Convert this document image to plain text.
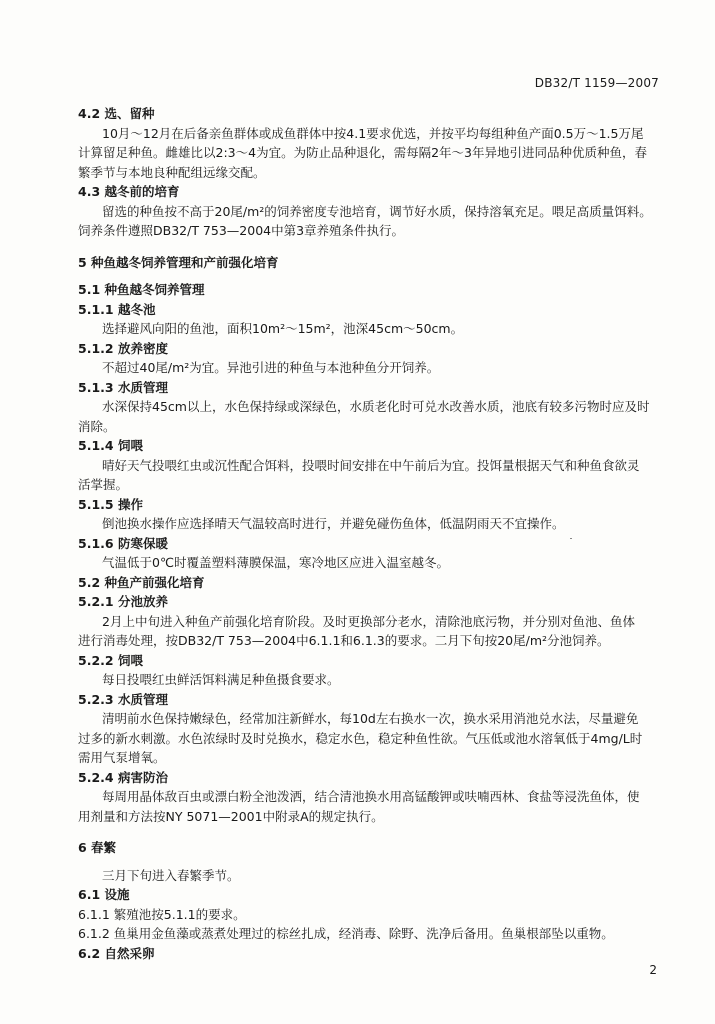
DB32/T 1159—2007
4.2 选、留种
10月～12月在后备亲鱼群体或成鱼群体中按4.1要求优选，并按平均每组种鱼产面0.5万～1.5万尾
计算留足种鱼。雌雄比以2:3～4为宜。为防止品种退化，需每隔2年～3年异地引进同品种优质种鱼，春
繁季节与本地良种配组远缘交配。
4.3 越冬前的培育
留选的种鱼按不高于20尾/m²的饲养密度专池培育，调节好水质，保持溶氧充足。喂足高质量饵料。
饲养条件遵照DB32/T 753—2004中第3章养殖条件执行。
5 种鱼越冬饲养管理和产前强化培育
5.1 种鱼越冬饲养管理
5.1.1 越冬池
选择避风向阳的鱼池，面积10m²～15m²，池深45cm～50cm。
5.1.2 放养密度
不超过40尾/m²为宜。异池引进的种鱼与本池种鱼分开饲养。
5.1.3 水质管理
水深保持45cm以上，水色保持绿或深绿色，水质老化时可兑水改善水质，池底有较多污物时应及时
消除。
5.1.4 饲喂
晴好天气投喂红虫或沉性配合饵料，投喂时间安排在中午前后为宜。投饵量根据天气和种鱼食欲灵
活掌握。
5.1.5 操作
倒池换水操作应选择晴天气温较高时进行，并避免碰伤鱼体，低温阴雨天不宜操作。
5.1.6 防寒保暖
气温低于0℃时覆盖塑料薄膜保温，寒冷地区应进入温室越冬。
5.2 种鱼产前强化培育
5.2.1 分池放养
2月上中旬进入种鱼产前强化培育阶段。及时更换部分老水，清除池底污物，并分别对鱼池、鱼体
进行消毒处理，按DB32/T 753—2004中6.1.1和6.1.3的要求。二月下旬按20尾/m²分池饲养。
5.2.2 饲喂
每日投喂红虫鲜活饵料满足种鱼摄食要求。
5.2.3 水质管理
清明前水色保持嫩绿色，经常加注新鲜水，每10d左右换水一次，换水采用消池兑水法，尽量避免
过多的新水刺激。水色浓绿时及时兑换水，稳定水色，稳定种鱼性欲。气压低或池水溶氧低于4mg/L时
需用气泵增氧。
5.2.4 病害防治
每周用晶体敌百虫或漂白粉全池泼洒，结合清池换水用高锰酸钾或呋喃西林、食盐等浸洗鱼体，使
用剂量和方法按NY 5071—2001中附录A的规定执行。
6 春繁
三月下旬进入春繁季节。
6.1 设施
6.1.1 繁殖池按5.1.1的要求。
6.1.2 鱼巢用金鱼藻或蒸煮处理过的棕丝扎成，经消毒、除野、洗净后备用。鱼巢根部坠以重物。
6.2 自然采卵
2
